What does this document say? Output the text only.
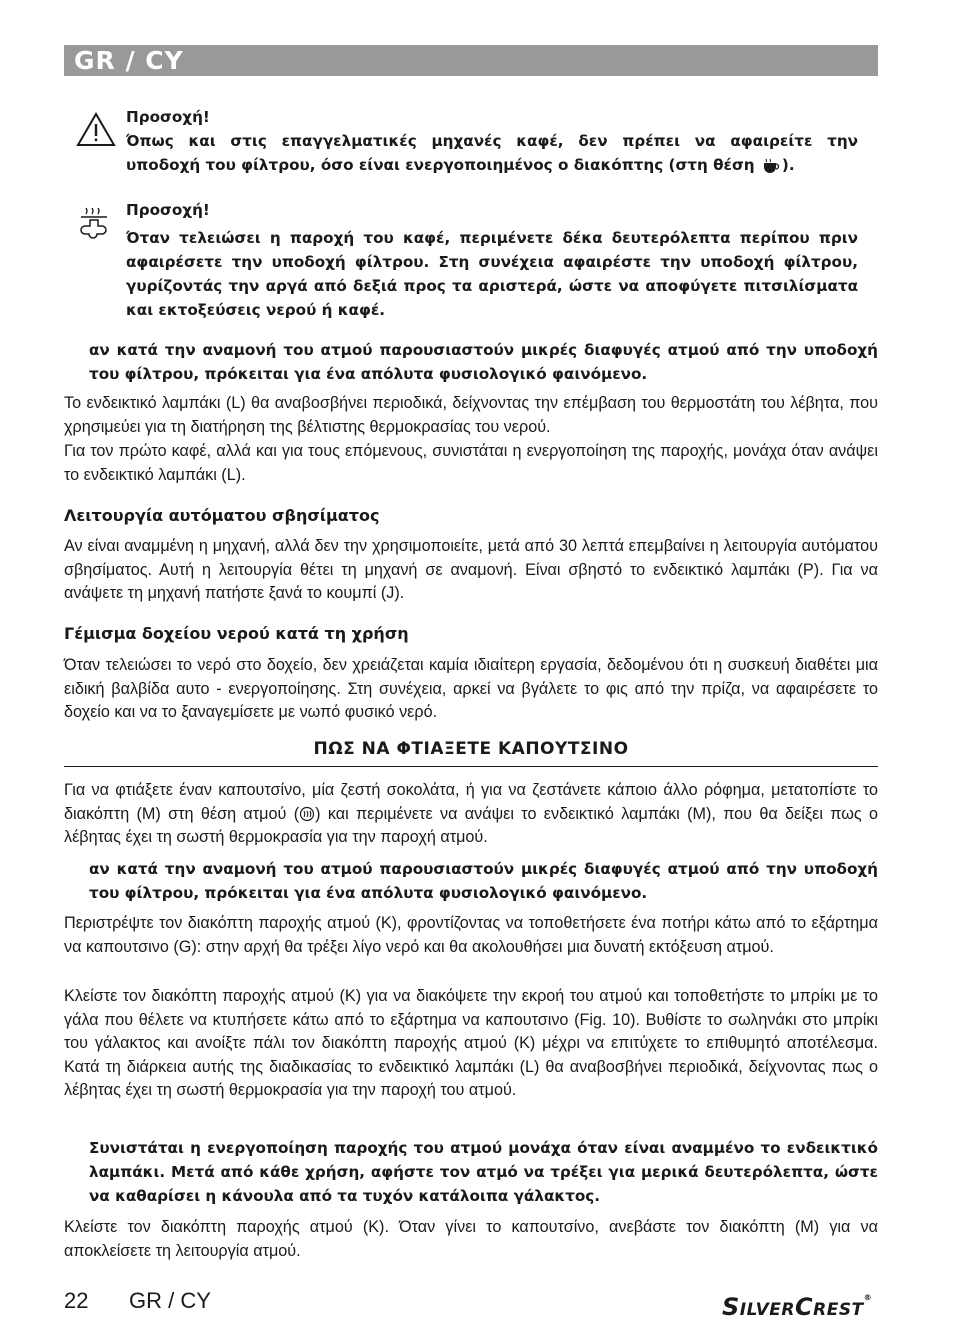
GR / CY
Προσοχή!
Όπως και στις επαγγελματικές μηχανές καφέ, δεν πρέπει να αφαιρείτε την
υποδοχή του φίλτρου, όσο είναι ενεργοποιημένος ο διακόπτης (στη θέση ).
Προσοχή!
Όταν τελειώσει η παροχή του καφέ, περιμένετε δέκα δευτερόλεπτα περίπου πριν αφαιρέσετε την υποδοχή φίλτρου. Στη συνέχεια αφαιρέστε την υποδοχή φίλτρου, γυρίζοντάς την αργά από δεξιά προς τα αριστερά, ώστε να αποφύγετε πιτσιλίσματα και εκτοξεύσεις νερού ή καφέ.
αν κατά την αναμονή του ατμού παρουσιαστούν μικρές διαφυγές ατμού από την υποδοχή του φίλτρου, πρόκειται για ένα απόλυτα φυσιολογικό φαινόμενο.
Το ενδεικτικό λαμπάκι (L) θα αναβοσβήνει περιοδικά, δείχνοντας την επέμβαση του θερμοστάτη του λέβητα, που χρησιμεύει για τη διατήρηση της βέλτιστης θερμοκρασίας του νερού.
Για τον πρώτο καφέ, αλλά και για τους επόμενους, συνιστάται η ενεργοποίηση της παροχής, μονάχα όταν ανάψει το ενδεικτικό λαμπάκι (L).
Λειτουργία αυτόματου σβησίματος
Αν είναι αναμμένη η μηχανή, αλλά δεν την χρησιμοποιείτε, μετά από 30 λεπτά επεμβαίνει η λειτουργία αυτόματου σβησίματος. Αυτή η λειτουργία θέτει τη μηχανή σε αναμονή. Είναι σβηστό το ενδεικτικό λαμπάκι (P). Για να ανάψετε τη μηχανή πατήστε ξανά το κουμπί (J).
Γέμισμα δοχείου νερού κατά τη χρήση
Όταν τελειώσει το νερό στο δοχείο, δεν χρειάζεται καμία ιδιαίτερη εργασία, δεδομένου ότι η συσκευή διαθέτει μια ειδική βαλβίδα αυτο - ενεργοποίησης. Στη συνέχεια, αρκεί να βγάλετε το φις από την πρίζα, να αφαιρέσετε το δοχείο και να το ξαναγεμίσετε με νωπό φυσικό νερό.
ΠΩΣ ΝΑ ΦΤΙΑΞΕΤΕ ΚΑΠΟΥΤΣΙΝΟ
Για να φτιάξετε έναν καπουτσίνο, μία ζεστή σοκολάτα, ή για να ζεστάνετε κάποιο άλλο ρόφημα, μετατοπίστε το διακόπτη (M) στη θέση ατμού ( ) και περιμένετε να ανάψει το ενδεικτικό λαμπάκι (M), που θα δείξει πως ο λέβητας έχει τη σωστή θερμοκρασία για την παροχή ατμού.
αν κατά την αναμονή του ατμού παρουσιαστούν μικρές διαφυγές ατμού από την υποδοχή του φίλτρου, πρόκειται για ένα απόλυτα φυσιολογικό φαινόμενο.
Περιστρέψτε τον διακόπτη παροχής ατμού (K), φροντίζοντας να τοποθετήσετε ένα ποτήρι κάτω από το εξάρτημα να καπουτσινο (G): στην αρχή θα τρέξει λίγο νερό και θα ακολουθήσει μια δυνατή εκτόξευση ατμού.
Κλείστε τον διακόπτη παροχής ατμού (K) για να διακόψετε την εκροή του ατμού και τοποθετήστε το μπρίκι με το γάλα που θέλετε να κτυπήσετε κάτω από το εξάρτημα να καπουτσινο (Fig. 10). Βυθίστε το σωληνάκι στο μπρίκι του γάλακτος και ανοίξτε πάλι τον διακόπτη παροχής ατμού (K) μέχρι να επιτύχετε το επιθυμητό αποτέλεσμα. Κατά τη διάρκεια αυτής της διαδικασίας το ενδεικτικό λαμπάκι (L) θα αναβοσβήνει περιοδικά, δείχνοντας πως ο λέβητας έχει τη σωστή θερμοκρασία για την παροχή του ατμού.
Συνιστάται η ενεργοποίηση παροχής του ατμού μονάχα όταν είναι αναμμένο το ενδεικτικό λαμπάκι. Μετά από κάθε χρήση, αφήστε τον ατμό να τρέξει για μερικά δευτερόλεπτα, ώστε να καθαρίσει η κάνουλα από τα τυχόν κατάλοιπα γάλακτος.
Κλείστε τον διακόπτη παροχής ατμού (K). Όταν γίνει το καπουτσίνο, ανεβάστε τον διακόπτη (M) για να αποκλείσετε τη λειτουργία ατμού.
22 GR / CY	SILVERCREST®
